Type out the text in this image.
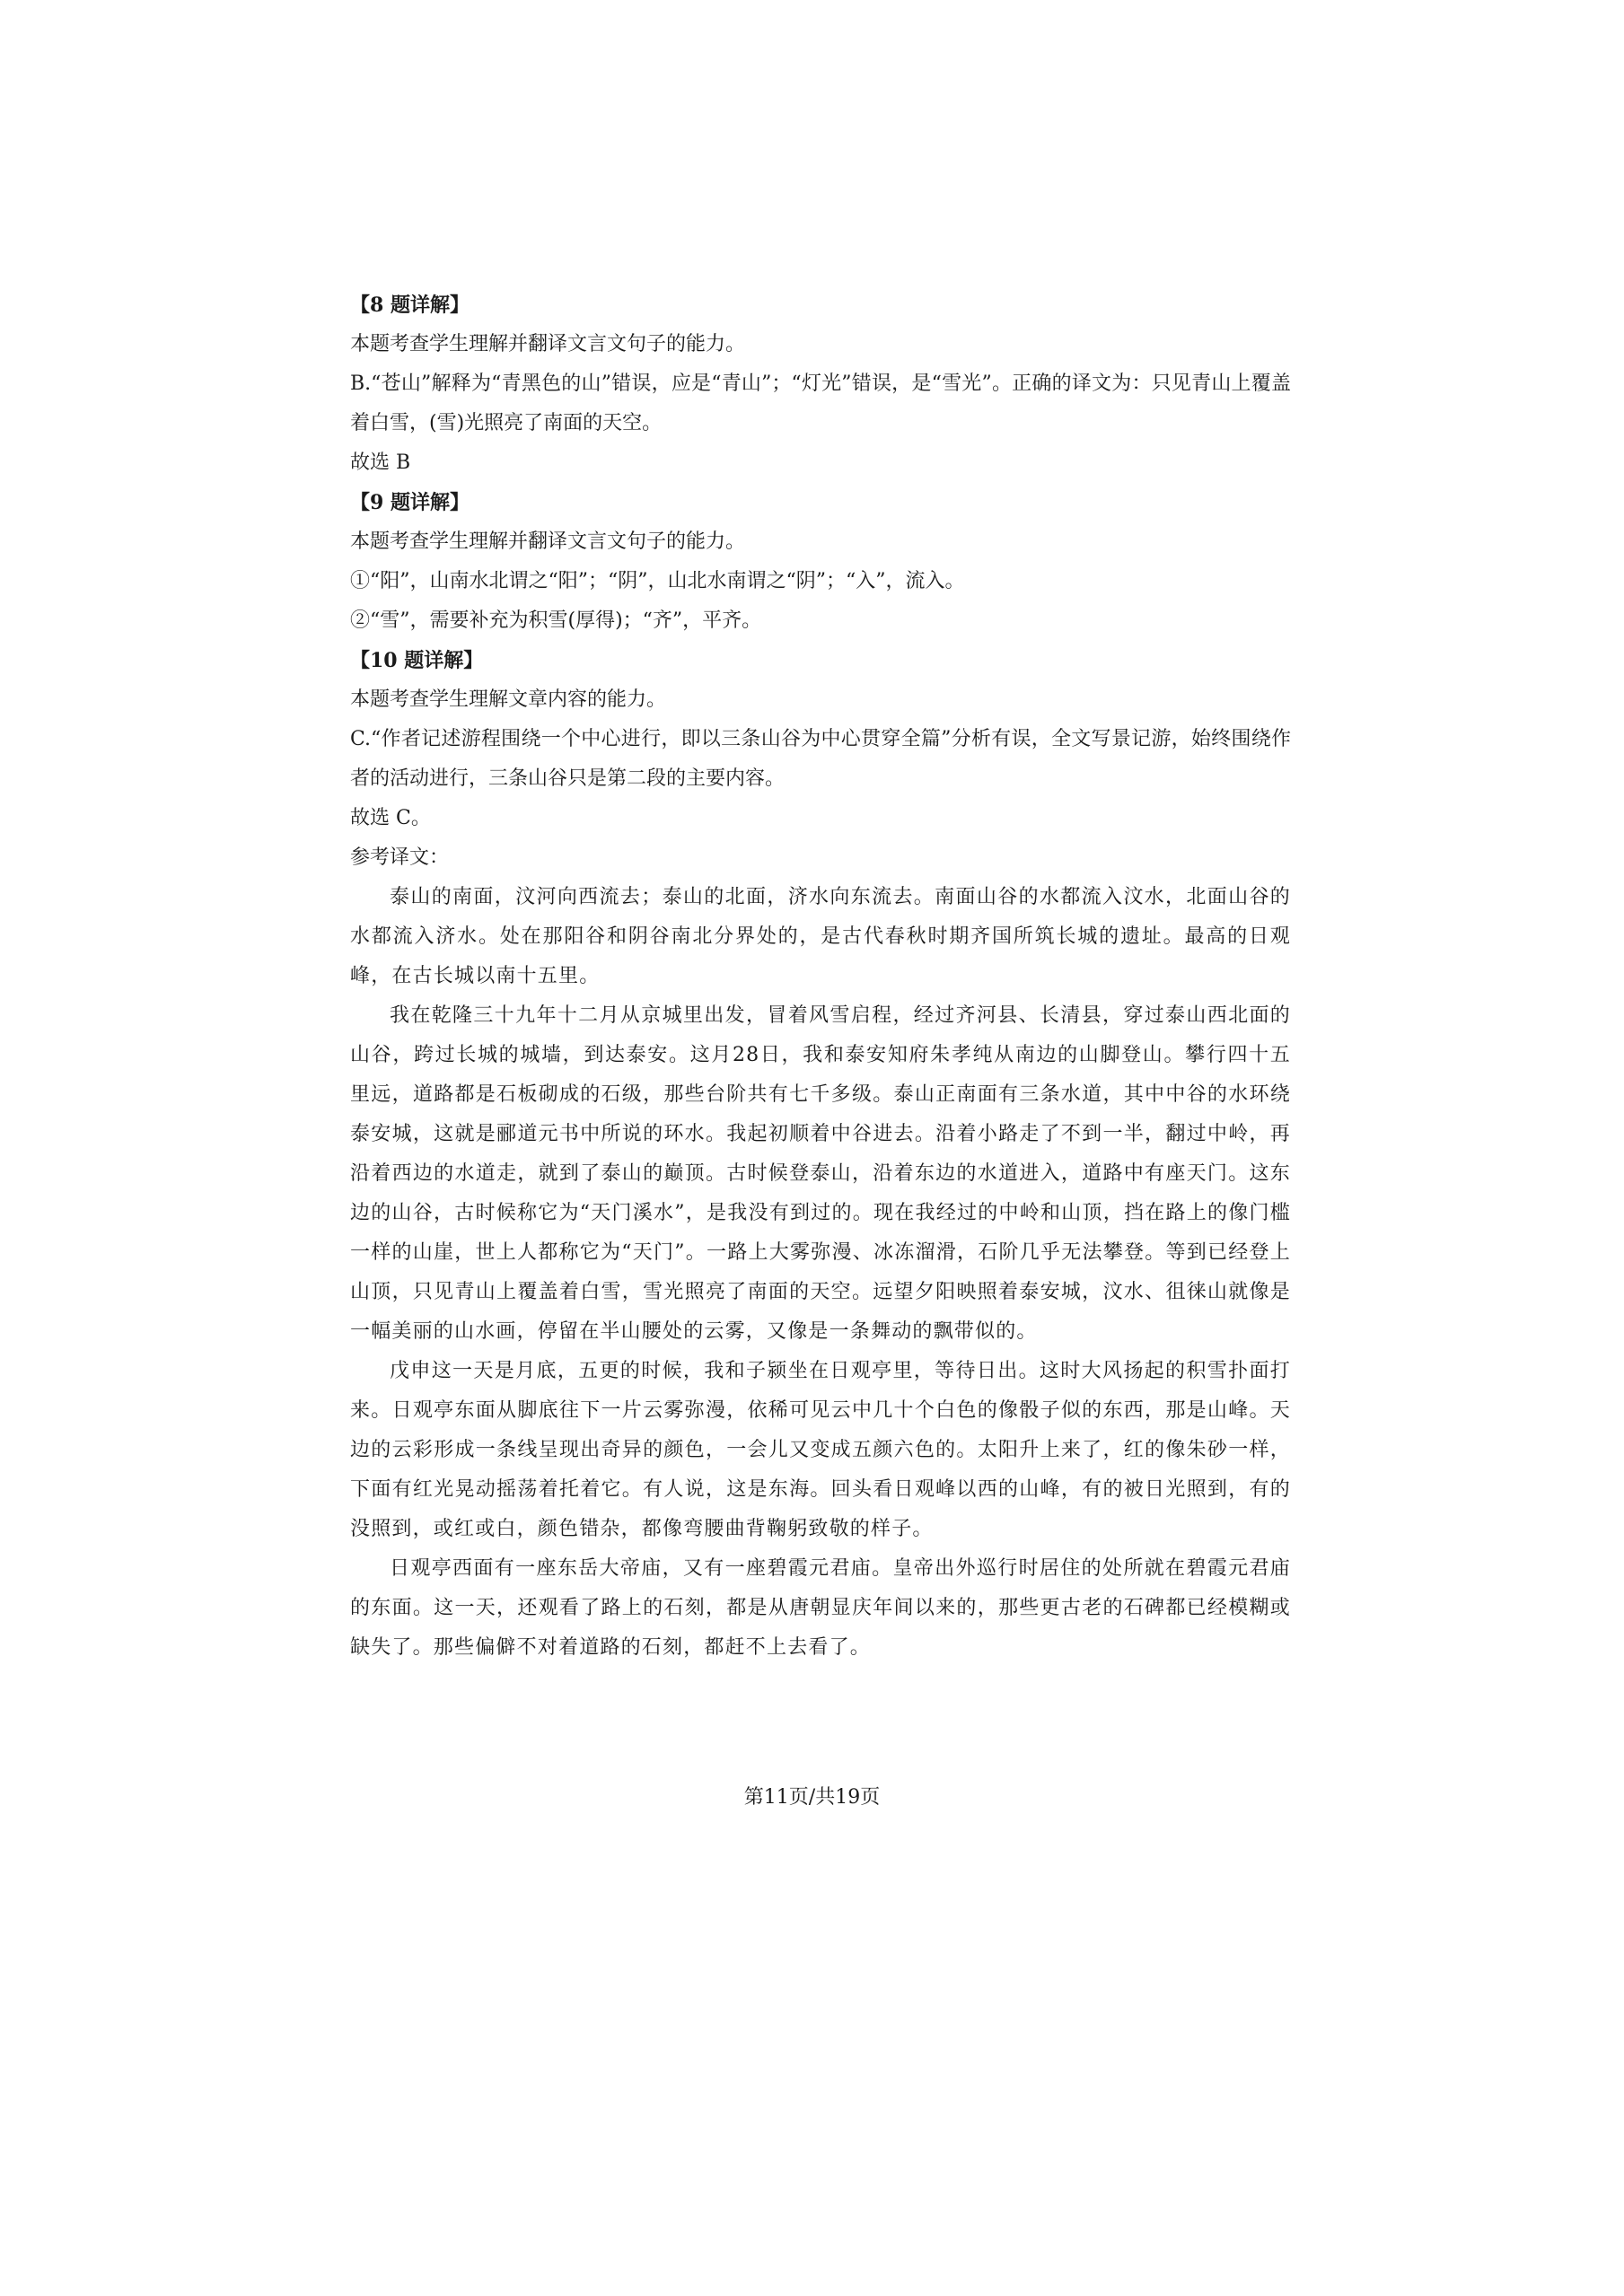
【8 题详解】
本题考查学生理解并翻译文言文句子的能力。
B.“苍山”解释为“青黑色的山”错误，应是“青山”；“灯光”错误，是“雪光”。正确的译文为：只见青山上覆盖着白雪，(雪)光照亮了南面的天空。
故选 B
【9 题详解】
本题考查学生理解并翻译文言文句子的能力。
①“阳”，山南水北谓之“阳”；“阴”，山北水南谓之“阴”；“入”，流入。
②“雪”，需要补充为积雪(厚得)；“齐”，平齐。
【10 题详解】
本题考查学生理解文章内容的能力。
C.“作者记述游程围绕一个中心进行，即以三条山谷为中心贯穿全篇”分析有误，全文写景记游，始终围绕作者的活动进行，三条山谷只是第二段的主要内容。
故选 C。
参考译文：

泰山的南面，汶河向西流去；泰山的北面，济水向东流去。南面山谷的水都流入汶水，北面山谷的水都流入济水。处在那阳谷和阴谷南北分界处的，是古代春秋时期齐国所筑长城的遗址。最高的日观峰，在古长城以南十五里。

我在乾隆三十九年十二月从京城里出发，冒着风雪启程，经过齐河县、长清县，穿过泰山西北面的山谷，跨过长城的城墙，到达泰安。这月28日，我和泰安知府朱孝纯从南边的山脚登山。攀行四十五里远，道路都是石板砌成的石级，那些台阶共有七千多级。泰山正南面有三条水道，其中中谷的水环绕泰安城，这就是郦道元书中所说的环水。我起初顺着中谷进去。沿着小路走了不到一半，翻过中岭，再沿着西边的水道走，就到了泰山的巅顶。古时候登泰山，沿着东边的水道进入，道路中有座天门。这东边的山谷，古时候称它为“天门溪水”，是我没有到过的。现在我经过的中岭和山顶，挡在路上的像门槛一样的山崖，世上人都称它为“天门”。一路上大雾弥漫、冰冻溜滑，石阶几乎无法攀登。等到已经登上山顶，只见青山上覆盖着白雪，雪光照亮了南面的天空。远望夕阳映照着泰安城，汶水、徂徕山就像是一幅美丽的山水画，停留在半山腰处的云雾，又像是一条舞动的飘带似的。

戊申这一天是月底，五更的时候，我和子颍坐在日观亭里，等待日出。这时大风扬起的积雪扑面打来。日观亭东面从脚底往下一片云雾弥漫，依稀可见云中几十个白色的像骰子似的东西，那是山峰。天边的云彩形成一条线呈现出奇异的颜色，一会儿又变成五颜六色的。太阳升上来了，红的像朱砂一样，下面有红光晃动摇荡着托着它。有人说，这是东海。回头看日观峰以西的山峰，有的被日光照到，有的没照到，或红或白，颜色错杂，都像弯腰曲背鞠躬致敬的样子。

日观亭西面有一座东岳大帝庙，又有一座碧霞元君庙。皇帝出外巡行时居住的处所就在碧霞元君庙的东面。这一天，还观看了路上的石刻，都是从唐朝显庆年间以来的，那些更古老的石碑都已经模糊或缺失了。那些偏僻不对着道路的石刻，都赶不上去看了。

第11页/共19页
